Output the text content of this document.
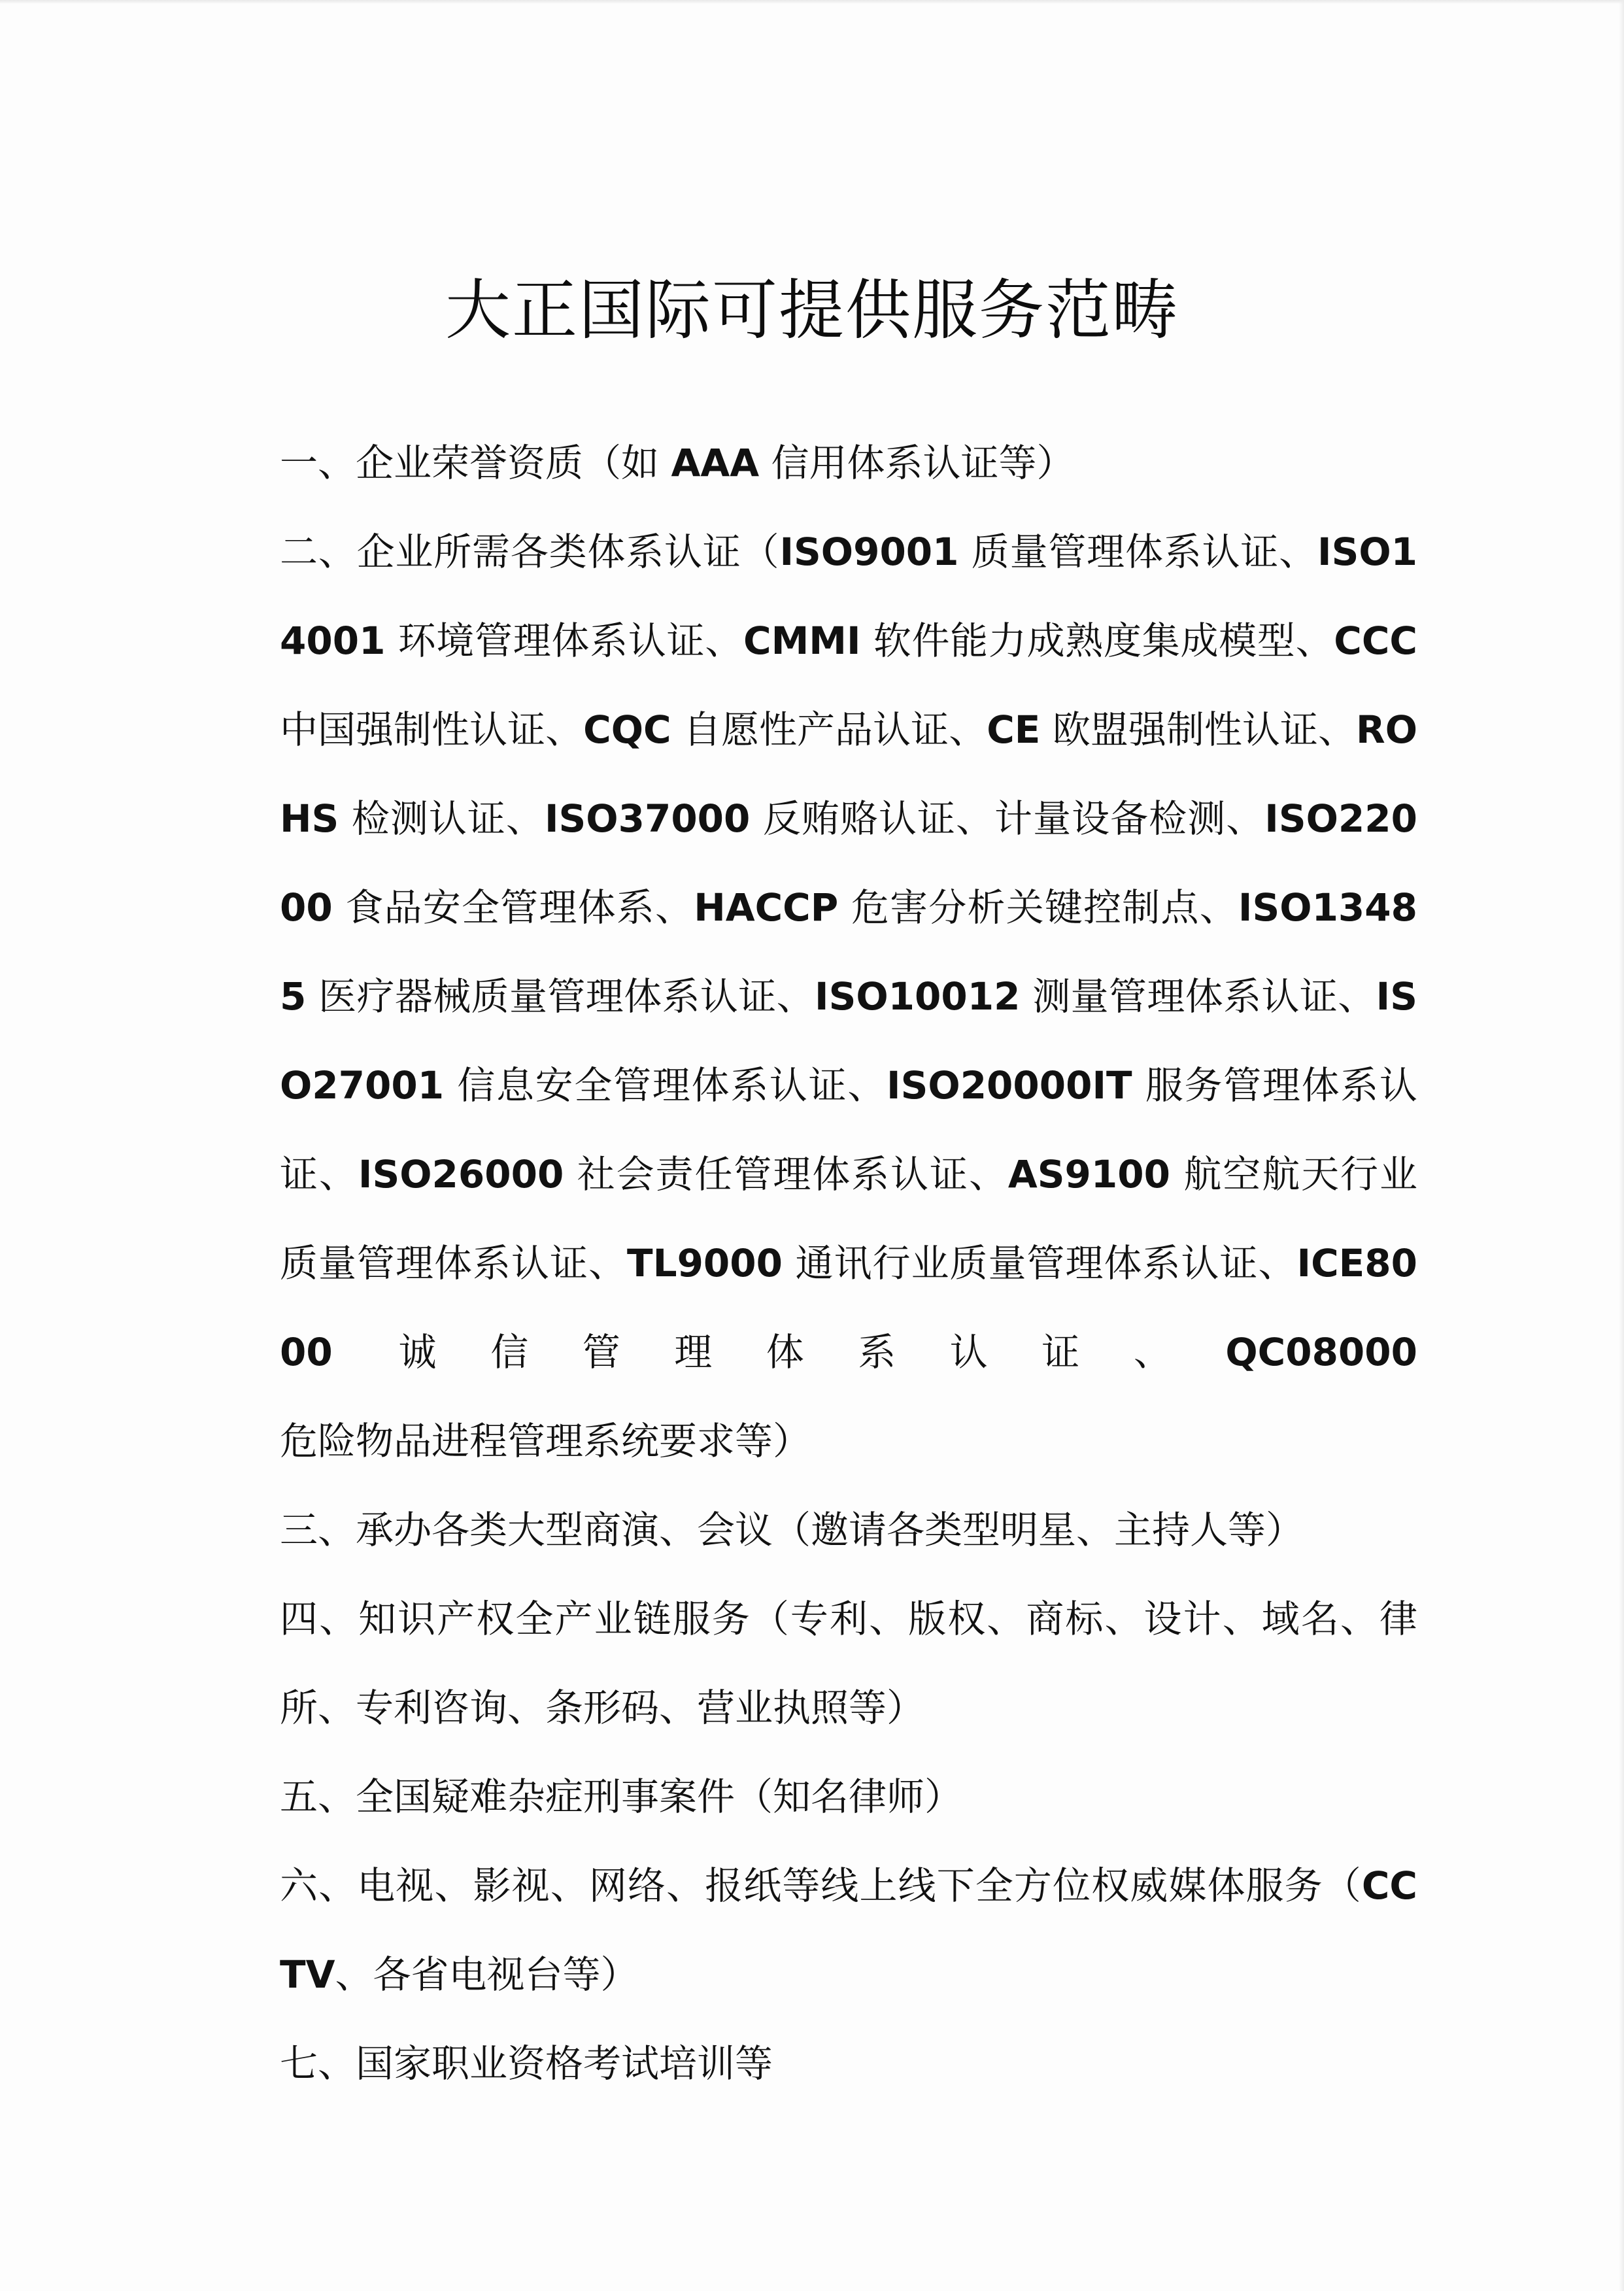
大正国际可提供服务范畴

一、企业荣誉资质（如 AAA 信用体系认证等）

二、企业所需各类体系认证（ISO9001 质量管理体系认证、ISO14001 环境管理体系认证、CMMI 软件能力成熟度集成模型、CCC 中国强制性认证、CQC 自愿性产品认证、CE 欧盟强制性认证、ROHS 检测认证、ISO37000 反贿赂认证、计量设备检测、ISO22000 食品安全管理体系、HACCP 危害分析关键控制点、ISO13485 医疗器械质量管理体系认证、ISO10012 测量管理体系认证、ISO27001 信息安全管理体系认证、ISO20000IT 服务管理体系认证、ISO26000 社会责任管理体系认证、AS9100 航空航天行业质量管理体系认证、TL9000 通讯行业质量管理体系认证、ICE8000 诚信管理体系认证、QC08000 危险物品进程管理系统要求等）

三、承办各类大型商演、会议（邀请各类型明星、主持人等）

四、知识产权全产业链服务（专利、版权、商标、设计、域名、律所、专利咨询、条形码、营业执照等）

五、全国疑难杂症刑事案件（知名律师）

六、电视、影视、网络、报纸等线上线下全方位权威媒体服务（CCTV、各省电视台等）

七、国家职业资格考试培训等
